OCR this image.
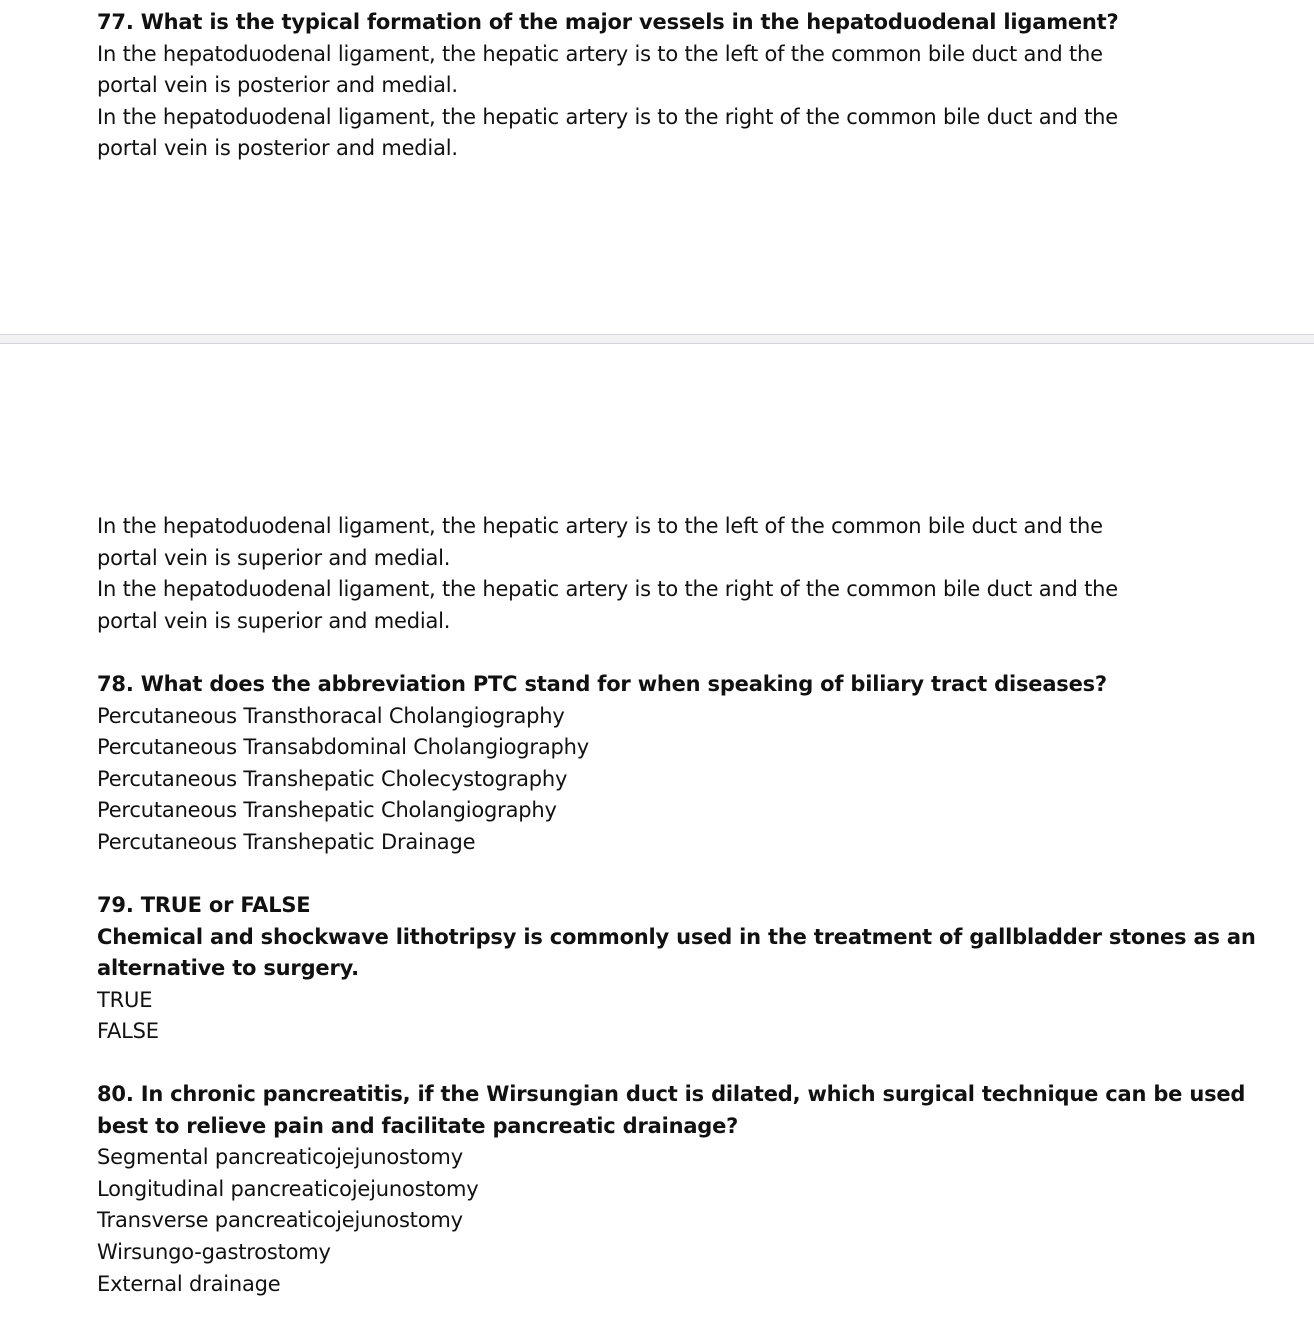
77. What is the typical formation of the major vessels in the hepatoduodenal ligament?
In the hepatoduodenal ligament, the hepatic artery is to the left of the common bile duct and the
portal vein is posterior and medial.
In the hepatoduodenal ligament, the hepatic artery is to the right of the common bile duct and the
portal vein is posterior and medial.
In the hepatoduodenal ligament, the hepatic artery is to the left of the common bile duct and the
portal vein is superior and medial.
In the hepatoduodenal ligament, the hepatic artery is to the right of the common bile duct and the
portal vein is superior and medial.
78. What does the abbreviation PTC stand for when speaking of biliary tract diseases?
Percutaneous Transthoracal Cholangiography
Percutaneous Transabdominal Cholangiography
Percutaneous Transhepatic Cholecystography
Percutaneous Transhepatic Cholangiography
Percutaneous Transhepatic Drainage
79. TRUE or FALSE
Chemical and shockwave lithotripsy is commonly used in the treatment of gallbladder stones as an
alternative to surgery.
TRUE
FALSE
80. In chronic pancreatitis, if the Wirsungian duct is dilated, which surgical technique can be used
best to relieve pain and facilitate pancreatic drainage?
Segmental pancreaticojejunostomy
Longitudinal pancreaticojejunostomy
Transverse pancreaticojejunostomy
Wirsungo-gastrostomy
External drainage
